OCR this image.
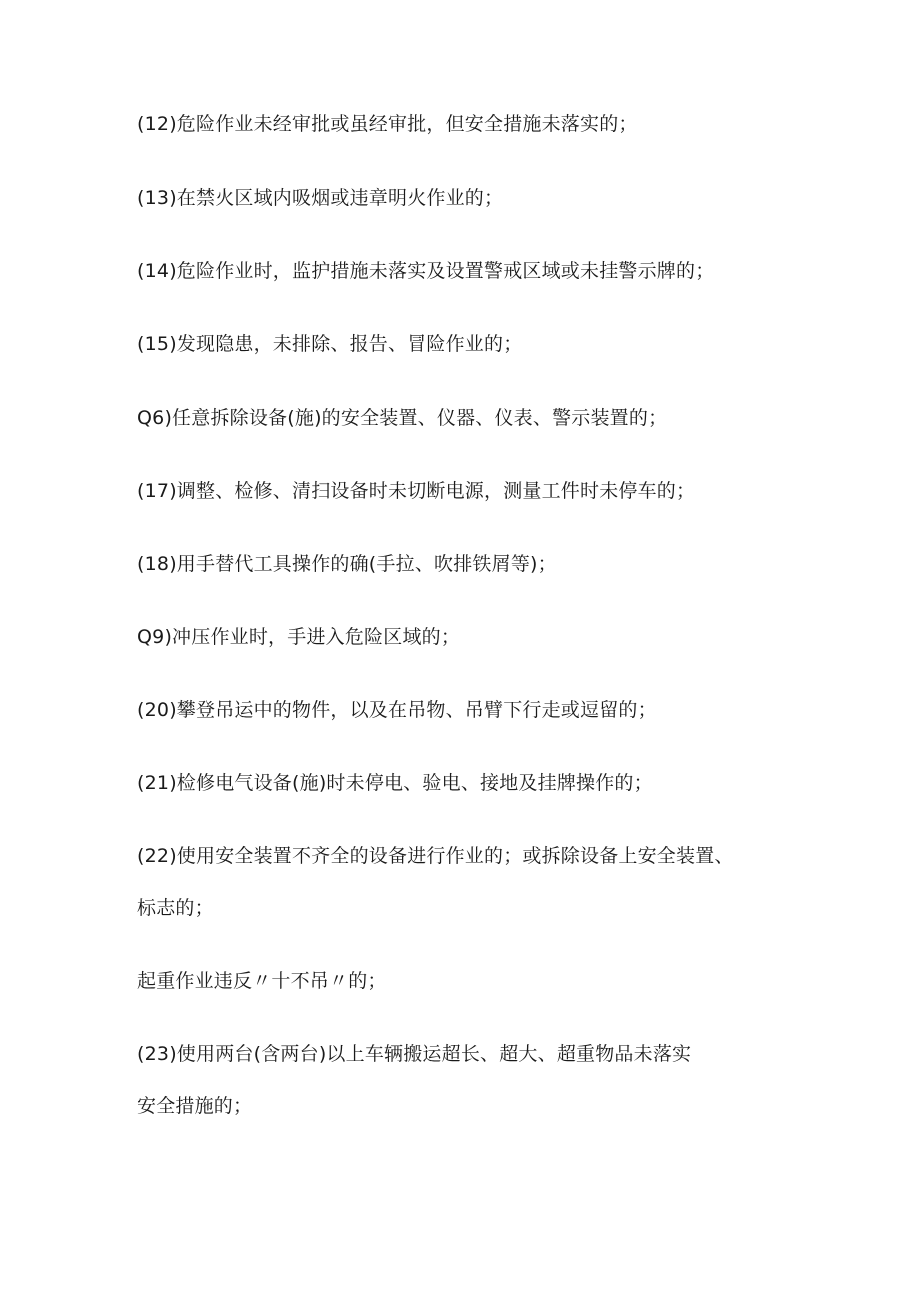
(12)危险作业未经审批或虽经审批，但安全措施未落实的；
(13)在禁火区域内吸烟或违章明火作业的；
(14)危险作业时，监护措施未落实及设置警戒区域或未挂警示牌的；
(15)发现隐患，未排除、报告、冒险作业的；
Q6)任意拆除设备(施)的安全装置、仪器、仪表、警示装置的；
(17)调整、检修、清扫设备时未切断电源，测量工件时未停车的；
(18)用手替代工具操作的确(手拉、吹排铁屑等)；
Q9)冲压作业时，手进入危险区域的；
(20)攀登吊运中的物件，以及在吊物、吊臂下行走或逗留的；
(21)检修电气设备(施)时未停电、验电、接地及挂牌操作的；
(22)使用安全装置不齐全的设备进行作业的；或拆除设备上安全装置、
标志的；
起重作业违反〃十不吊〃的；
(23)使用两台(含两台)以上车辆搬运超长、超大、超重物品未落实
安全措施的；
